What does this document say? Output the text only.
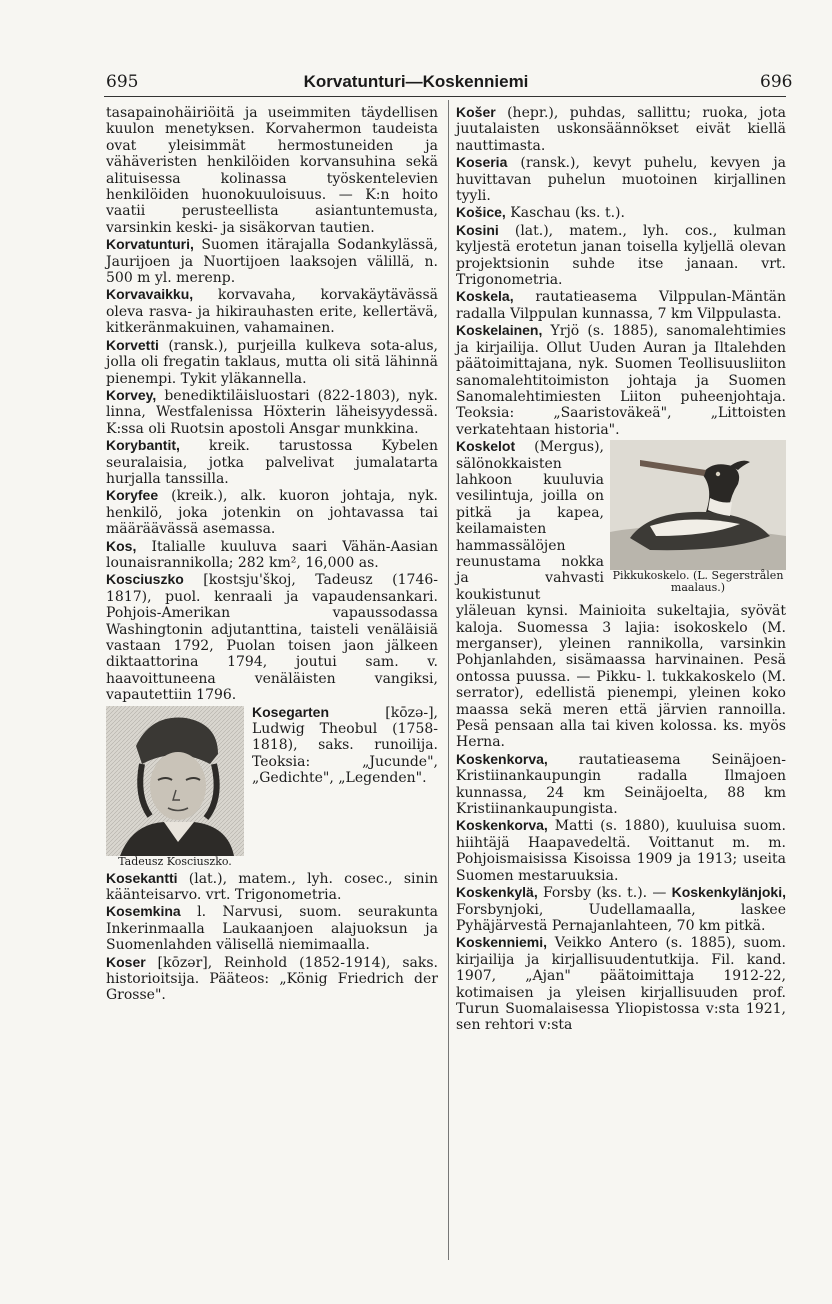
695	Korvatunturi—Koskenniemi	696

tasapainohäiriöitä ja useimmiten täydellisen kuulon menetyksen. Korvahermon taudeista ovat yleisimmät hermostuneiden ja vähäveristen henkilöiden korvansuhina sekä alituisessa kolinassa työskentelevien henkilöiden huonokuuloisuus. — K:n hoito vaatii perusteellista asiantuntemusta, varsinkin keski- ja sisäkorvan tautien.

Korvatunturi, Suomen itärajalla Sodankylässä, Jaurijoen ja Nuortijoen laaksojen välillä, n. 500 m yl. merenp.

Korvavaikku, korvavaha, korvakäytävässä oleva rasva- ja hikirauhasten erite, kellertävä, kitkeränmakuinen, vahamainen.

Korvetti (ransk.), purjeilla kulkeva sota-alus, jolla oli fregatin taklaus, mutta oli sitä lähinnä pienempi. Tykit yläkannella.

Korvey, benediktiläisluostari (822-1803), nyk. linna, Westfalenissa Höxterin läheisyydessä. K:ssa oli Ruotsin apostoli Ansgar munkkina.

Korybantit, kreik. tarustossa Kybelen seuralaisia, jotka palvelivat jumalatarta hurjalla tanssilla.

Koryfee (kreik.), alk. kuoron johtaja, nyk. henkilö, joka jotenkin on johtavassa tai määräävässä asemassa.

Kos, Italialle kuuluva saari Vähän-Aasian lounaisrannikolla; 282 km², 16,000 as.

Kosciuszko [kostsju'škoj, Tadeusz (1746-1817), puol. kenraali ja vapaudensankari. Pohjois-Amerikan vapaussodassa Washingtonin adjutanttina, taisteli venäläisiä vastaan 1792, Puolan toisen jaon jälkeen diktaattorina 1794, joutui sam. v. haavoittuneena venäläisten vangiksi, vapautettiin 1796.

Tadeusz Kosciuszko.

Kosegarten [kōzə-], Ludwig Theobul (1758-1818), saks. runoilija. Teoksia: „Jucunde", „Gedichte", „Legenden".

Kosekantti (lat.), matem., lyh. cosec., sinin käänteisarvo. vrt. Trigonometria.

Kosemkina l. Narvusi, suom. seurakunta Inkerinmaalla Laukaanjoen alajuoksun ja Suomenlahden välisellä niemimaalla.

Koser [kōzər], Reinhold (1852-1914), saks. historioitsija. Pääteos: „König Friedrich der Grosse".

Košer (hepr.), puhdas, sallittu; ruoka, jota juutalaisten uskonsäännökset eivät kiellä nauttimasta.

Koseria (ransk.), kevyt puhelu, kevyen ja huvittavan puhelun muotoinen kirjallinen tyyli.

Košice, Kaschau (ks. t.).

Kosini (lat.), matem., lyh. cos., kulman kyljestä erotetun janan toisella kyljellä olevan projektsionin suhde itse janaan. vrt. Trigonometria.

Koskela, rautatieasema Vilppulan-Mäntän radalla Vilppulan kunnassa, 7 km Vilppulasta.

Koskelainen, Yrjö (s. 1885), sanomalehtimies ja kirjailija. Ollut Uuden Auran ja Iltalehden päätoimittajana, nyk. Suomen Teollisuusliiton sanomalehtitoimiston johtaja ja Suomen Sanomalehtimiesten Liiton puheenjohtaja. Teoksia: „Saaristoväkeä", „Littoisten verkatehtaan historia".

Pikkukoskelo. (L. Segerstrålen maalaus.)

Koskelot (Mergus), sälönokkaisten lahkoon kuuluvia vesilintuja, joilla on pitkä ja kapea, keilamaisten hammassälöjen reunustama nokka ja vahvasti koukistunut yläleuan kynsi. Mainioita sukeltajia, syövät kaloja. Suomessa 3 lajia: isokoskelo (M. merganser), yleinen rannikolla, varsinkin Pohjanlahden, sisämaassa harvinainen. Pesä ontossa puussa. — Pikku- l. tukkakoskelo (M. serrator), edellistä pienempi, yleinen koko maassa sekä meren että järvien rannoilla. Pesä pensaan alla tai kiven kolossa. ks. myös Herna.

Koskenkorva, rautatieasema Seinäjoen-Kristiinankaupungin radalla Ilmajoen kunnassa, 24 km Seinäjoelta, 88 km Kristiinankaupungista.

Koskenkorva, Matti (s. 1880), kuuluisa suom. hiihtäjä Haapavedeltä. Voittanut m. m. Pohjoismaisissa Kisoissa 1909 ja 1913; useita Suomen mestaruuksia.

Koskenkylä, Forsby (ks. t.). — Koskenkylänjoki, Forsbynjoki, Uudellamaalla, laskee Pyhäjärvestä Pernajanlahteen, 70 km pitkä.

Koskenniemi, Veikko Antero (s. 1885), suom. kirjailija ja kirjallisuudentutkija. Fil. kand. 1907, „Ajan" päätoimittaja 1912-22, kotimaisen ja yleisen kirjallisuuden prof. Turun Suomalaisessa Yliopistossa v:sta 1921, sen rehtori v:sta
